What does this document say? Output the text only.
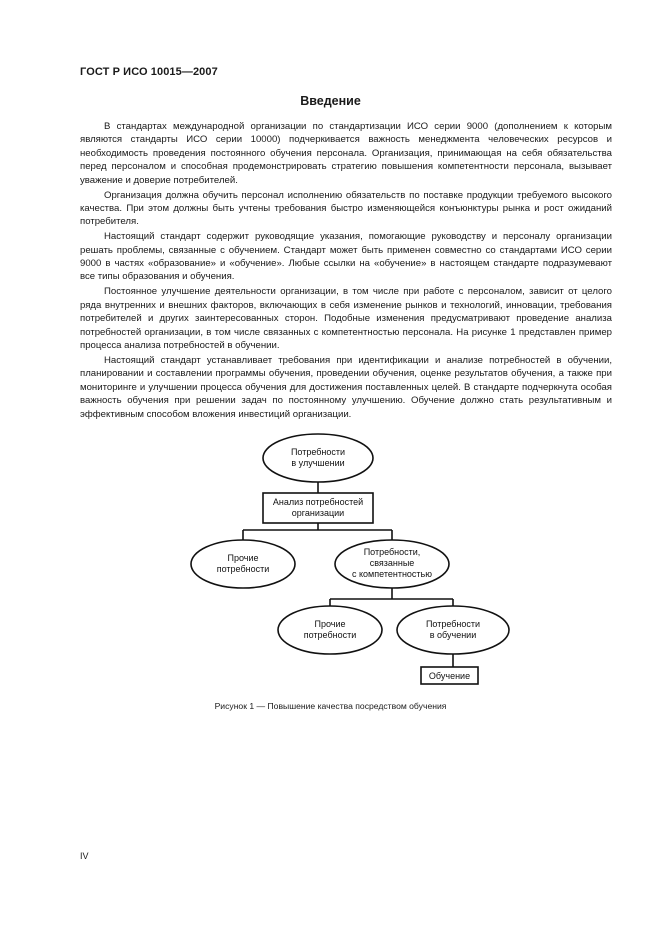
ГОСТ Р ИСО 10015—2007
Введение

В стандартах международной организации по стандартизации ИСО серии 9000 (дополнением к которым являются стандарты ИСО серии 10000) подчеркивается важность менеджмента человеческих ресурсов и необходимость проведения постоянного обучения персонала. Организация, принимающая на себя обязательства перед персоналом и способная продемонстрировать стратегию повышения компетентности персонала, вызывает уважение и доверие потребителей.

Организация должна обучить персонал исполнению обязательств по поставке продукции требуемого высокого качества. При этом должны быть учтены требования быстро изменяющейся конъюнктуры рынка и рост ожиданий потребителя.

Настоящий стандарт содержит руководящие указания, помогающие руководству и персоналу организации решать проблемы, связанные с обучением. Стандарт может быть применен совместно со стандартами ИСО серии 9000 в частях «образование» и «обучение». Любые ссылки на «обучение» в настоящем стандарте подразумевают все типы образования и обучения.

Постоянное улучшение деятельности организации, в том числе при работе с персоналом, зависит от целого ряда внутренних и внешних факторов, включающих в себя изменение рынков и технологий, инновации, требования потребителей и других заинтересованных сторон. Подобные изменения предусматривают проведение анализа потребностей организации, в том числе связанных с компетентностью персонала. На рисунке 1 представлен пример процесса анализа потребностей в обучении.

Настоящий стандарт устанавливает требования при идентификации и анализе потребностей в обучении, планировании и составлении программы обучения, проведении обучения, оценке результатов обучения, а также при мониторинге и улучшении процесса обучения для достижения поставленных целей. В стандарте подчеркнута особая важность обучения при решении задач по постоянному улучшению. Обучение должно стать результативным и эффективным способом вложения инвестиций организации.

Потребности
в улучшении
Анализ потребностей
организации
Прочие
потребности
Потребности,
связанные
с компетентностью
Прочие
потребности
Потребности
в обучении
Обучение
Рисунок 1 — Повышение качества посредством обучения
IV
